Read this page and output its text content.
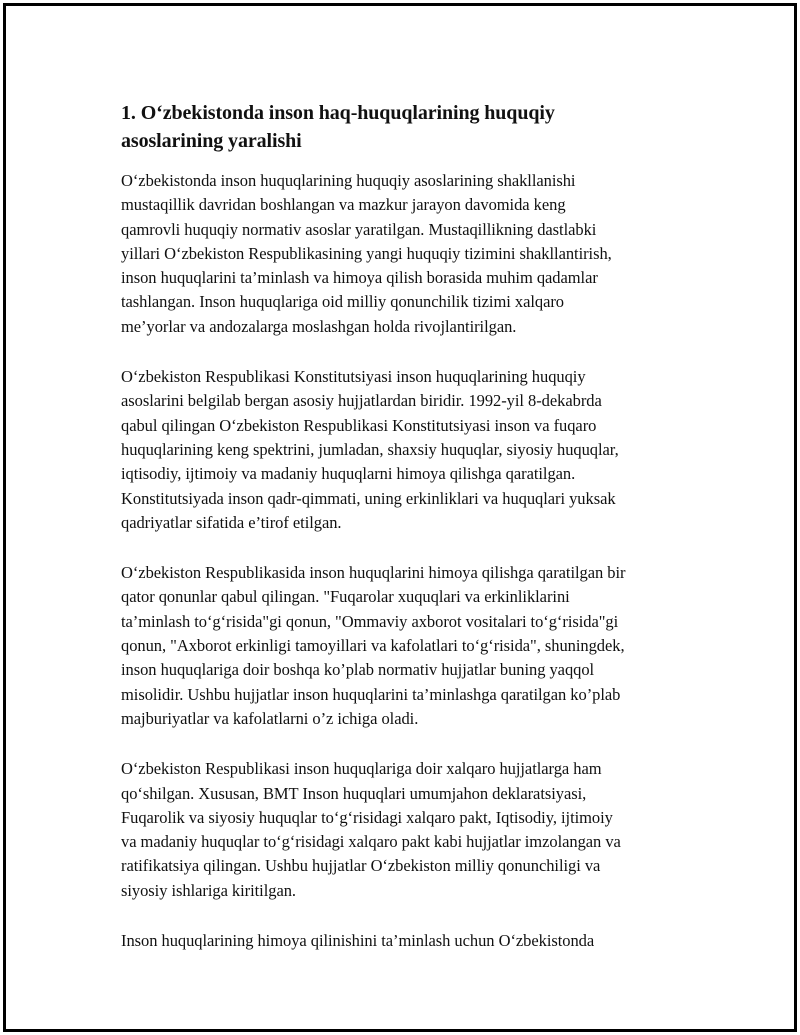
1. O‘zbekistonda inson haq-huquqlarining huquqiy
asoslarining yaralishi

O‘zbekistonda inson huquqlarining huquqiy asoslarining shakllanishi
mustaqillik davridan boshlangan va mazkur jarayon davomida keng
qamrovli huquqiy normativ asoslar yaratilgan. Mustaqillikning dastlabki
yillari O‘zbekiston Respublikasining yangi huquqiy tizimini shakllantirish,
inson huquqlarini ta’minlash va himoya qilish borasida muhim qadamlar
tashlangan. Inson huquqlariga oid milliy qonunchilik tizimi xalqaro
me’yorlar va andozalarga moslashgan holda rivojlantirilgan.

O‘zbekiston Respublikasi Konstitutsiyasi inson huquqlarining huquqiy
asoslarini belgilab bergan asosiy hujjatlardan biridir. 1992-yil 8-dekabrda
qabul qilingan O‘zbekiston Respublikasi Konstitutsiyasi inson va fuqaro
huquqlarining keng spektrini, jumladan, shaxsiy huquqlar, siyosiy huquqlar,
iqtisodiy, ijtimoiy va madaniy huquqlarni himoya qilishga qaratilgan.
Konstitutsiyada inson qadr-qimmati, uning erkinliklari va huquqlari yuksak
qadriyatlar sifatida e’tirof etilgan.

O‘zbekiston Respublikasida inson huquqlarini himoya qilishga qaratilgan bir
qator qonunlar qabul qilingan. "Fuqarolar xuquqlari va erkinliklarini
ta’minlash to‘g‘risida"gi qonun, "Ommaviy axborot vositalari to‘g‘risida"gi
qonun, "Axborot erkinligi tamoyillari va kafolatlari to‘g‘risida", shuningdek,
inson huquqlariga doir boshqa ko’plab normativ hujjatlar buning yaqqol
misolidir. Ushbu hujjatlar inson huquqlarini ta’minlashga qaratilgan ko’plab
majburiyatlar va kafolatlarni o’z ichiga oladi.

O‘zbekiston Respublikasi inson huquqlariga doir xalqaro hujjatlarga ham
qo‘shilgan. Xususan, BMT Inson huquqlari umumjahon deklaratsiyasi,
Fuqarolik va siyosiy huquqlar to‘g‘risidagi xalqaro pakt, Iqtisodiy, ijtimoiy
va madaniy huquqlar to‘g‘risidagi xalqaro pakt kabi hujjatlar imzolangan va
ratifikatsiya qilingan. Ushbu hujjatlar O‘zbekiston milliy qonunchiligi va
siyosiy ishlariga kiritilgan.

Inson huquqlarining himoya qilinishini ta’minlash uchun O‘zbekistonda
